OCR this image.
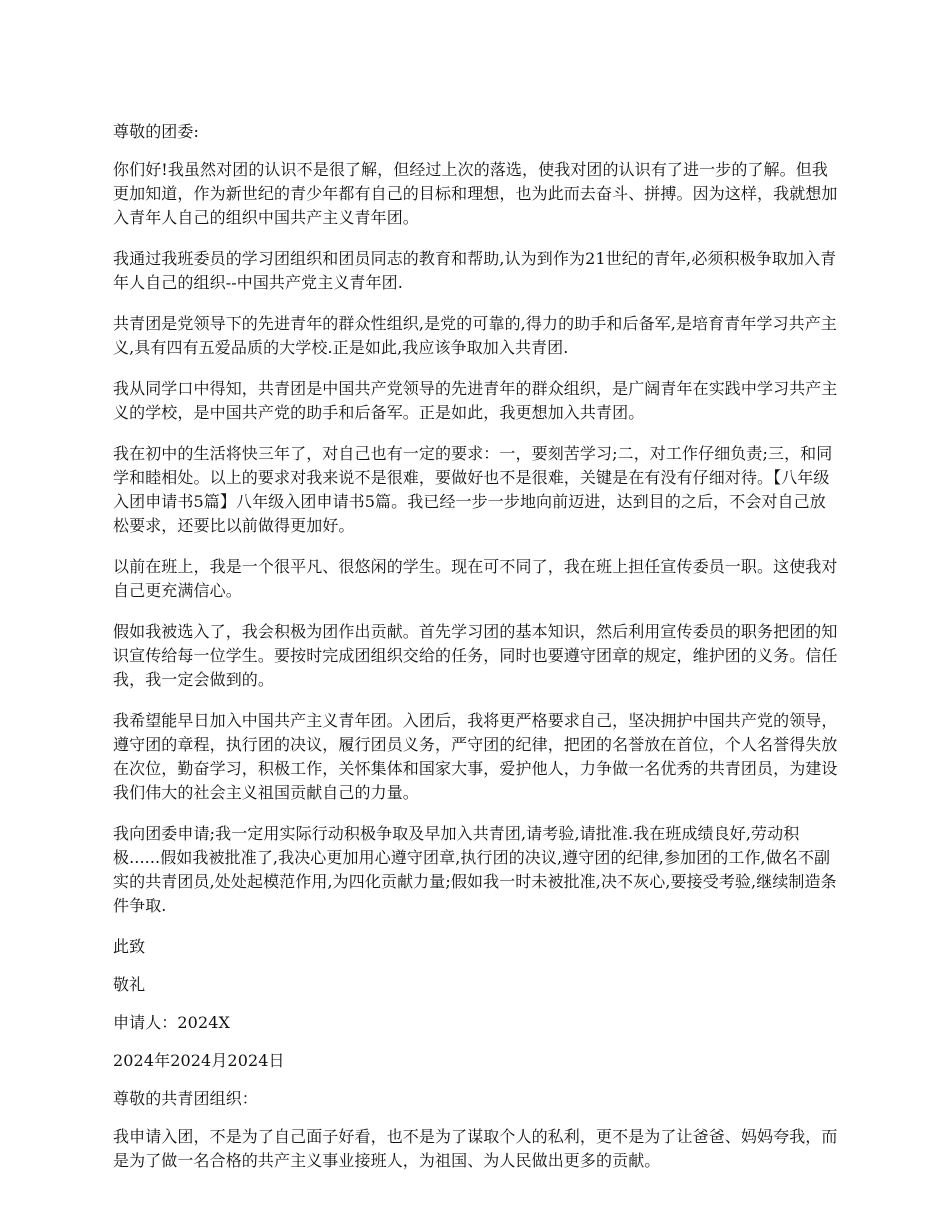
尊敬的团委:

你们好!我虽然对团的认识不是很了解，但经过上次的落选，使我对团的认识有了进一步的了解。但我更加知道，作为新世纪的青少年都有自己的目标和理想，也为此而去奋斗、拼搏。因为这样，我就想加入青年人自己的组织中国共产主义青年团。

我通过我班委员的学习团组织和团员同志的教育和帮助,认为到作为21世纪的青年,必须积极争取加入青年人自己的组织--中国共产党主义青年团.

共青团是党领导下的先进青年的群众性组织,是党的可靠的,得力的助手和后备军,是培育青年学习共产主义,具有四有五爱品质的大学校.正是如此,我应该争取加入共青团.

我从同学口中得知，共青团是中国共产党领导的先进青年的群众组织，是广阔青年在实践中学习共产主义的学校，是中国共产党的助手和后备军。正是如此，我更想加入共青团。

我在初中的生活将快三年了，对自己也有一定的要求：一，要刻苦学习;二，对工作仔细负责;三，和同学和睦相处。以上的要求对我来说不是很难，要做好也不是很难，关键是在有没有仔细对待。【八年级入团申请书5篇】八年级入团申请书5篇。我已经一步一步地向前迈进，达到目的之后，不会对自己放松要求，还要比以前做得更加好。

以前在班上，我是一个很平凡、很悠闲的学生。现在可不同了，我在班上担任宣传委员一职。这使我对自己更充满信心。

假如我被选入了，我会积极为团作出贡献。首先学习团的基本知识，然后利用宣传委员的职务把团的知识宣传给每一位学生。要按时完成团组织交给的任务，同时也要遵守团章的规定，维护团的义务。信任我，我一定会做到的。

我希望能早日加入中国共产主义青年团。入团后，我将更严格要求自己，坚决拥护中国共产党的领导，遵守团的章程，执行团的决议，履行团员义务，严守团的纪律，把团的名誉放在首位，个人名誉得失放在次位，勤奋学习，积极工作，关怀集体和国家大事，爱护他人，力争做一名优秀的共青团员，为建设我们伟大的社会主义祖国贡献自己的力量。

我向团委申请;我一定用实际行动积极争取及早加入共青团,请考验,请批准.我在班成绩良好,劳动积极......假如我被批准了,我决心更加用心遵守团章,执行团的决议,遵守团的纪律,参加团的工作,做名不副实的共青团员,处处起模范作用,为四化贡献力量;假如我一时未被批准,决不灰心,要接受考验,继续制造条件争取.

此致

敬礼

申请人：2024X

2024年2024月2024日

尊敬的共青团组织：

我申请入团，不是为了自己面子好看，也不是为了谋取个人的私利，更不是为了让爸爸、妈妈夸我，而是为了做一名合格的共产主义事业接班人，为祖国、为人民做出更多的贡献。
